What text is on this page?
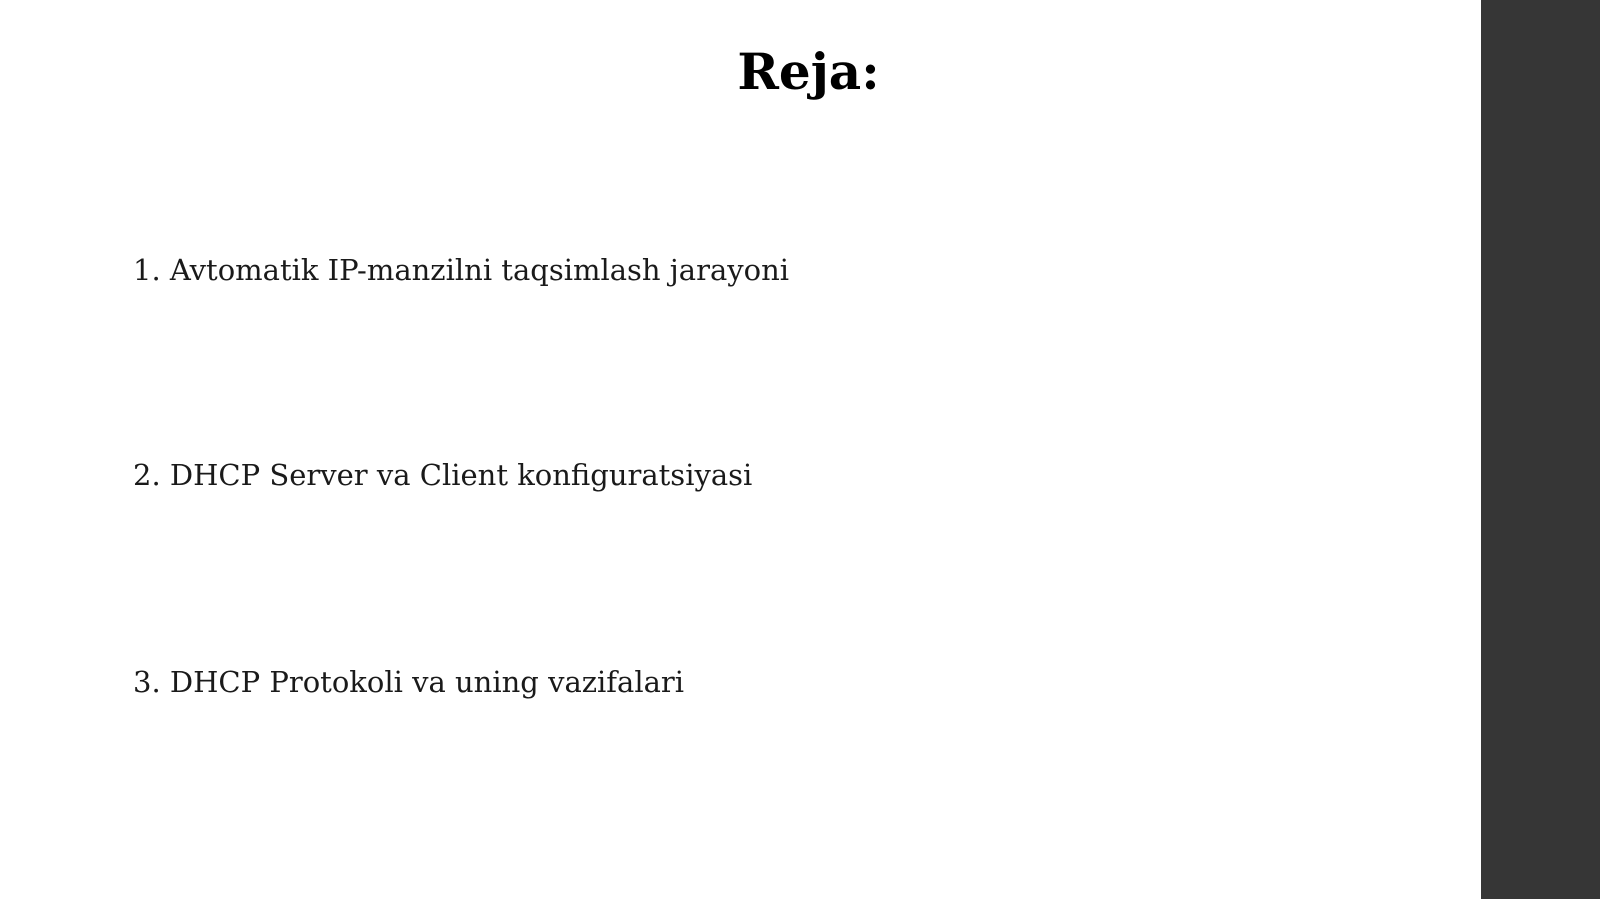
Reja:
1. Avtomatik IP-manzilni taqsimlash jarayoni
2. DHCP Server va Client konfiguratsiyasi
3. DHCP Protokoli va uning vazifalari
